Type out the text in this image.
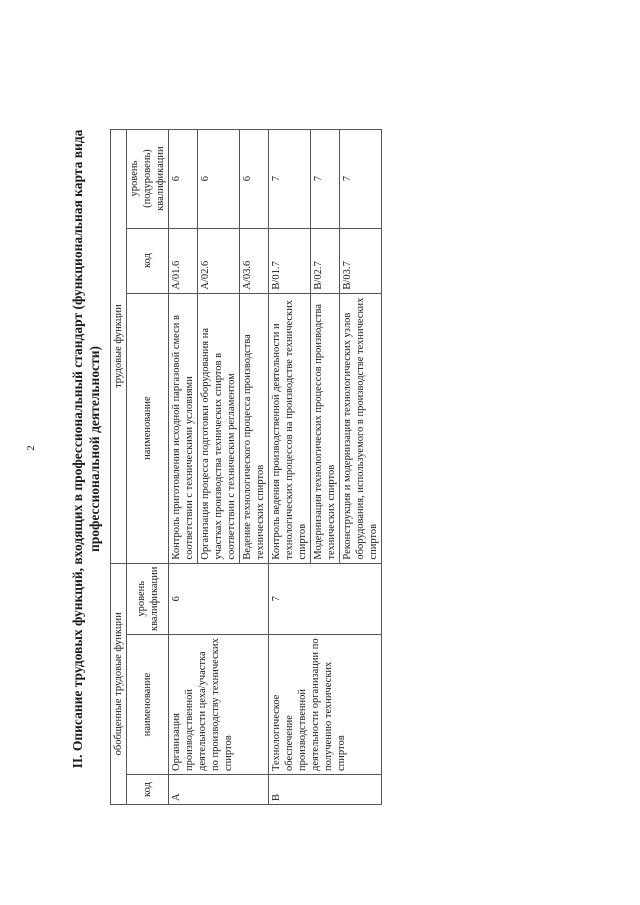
2 II. Описание трудовых функций, входящих в профессиональный стандарт (функциональная карта вида профессиональной деятельности)
обобщенные трудовые функции			трудовые функции		
код	наименование	уровень квалификации	наименование	код	уровень (подуровень) квалификации
А	Организация производственной деятельности цеха/участка по производству технических спиртов	6	Контроль приготовления исходной паргазовой смеси в соответствии с техническими условиями	А/01.6	6
			Организация процесса подготовки оборудования на участках производства технических спиртов в соответствии с техническим регламентом	А/02.6	6
			Ведение технологического процесса производства технических спиртов	А/03.6	6
В	Технологическое обеспечение производственной деятельности организации по получению технических спиртов	7	Контроль ведения производственной деятельности и технологических процессов на производстве технических спиртов	В/01.7	7
			Модернизация технологических процессов производства технических спиртов	В/02.7	7
			Реконструкция и модернизация технологических узлов оборудования, используемого в производстве технических спиртов	В/03.7	7
